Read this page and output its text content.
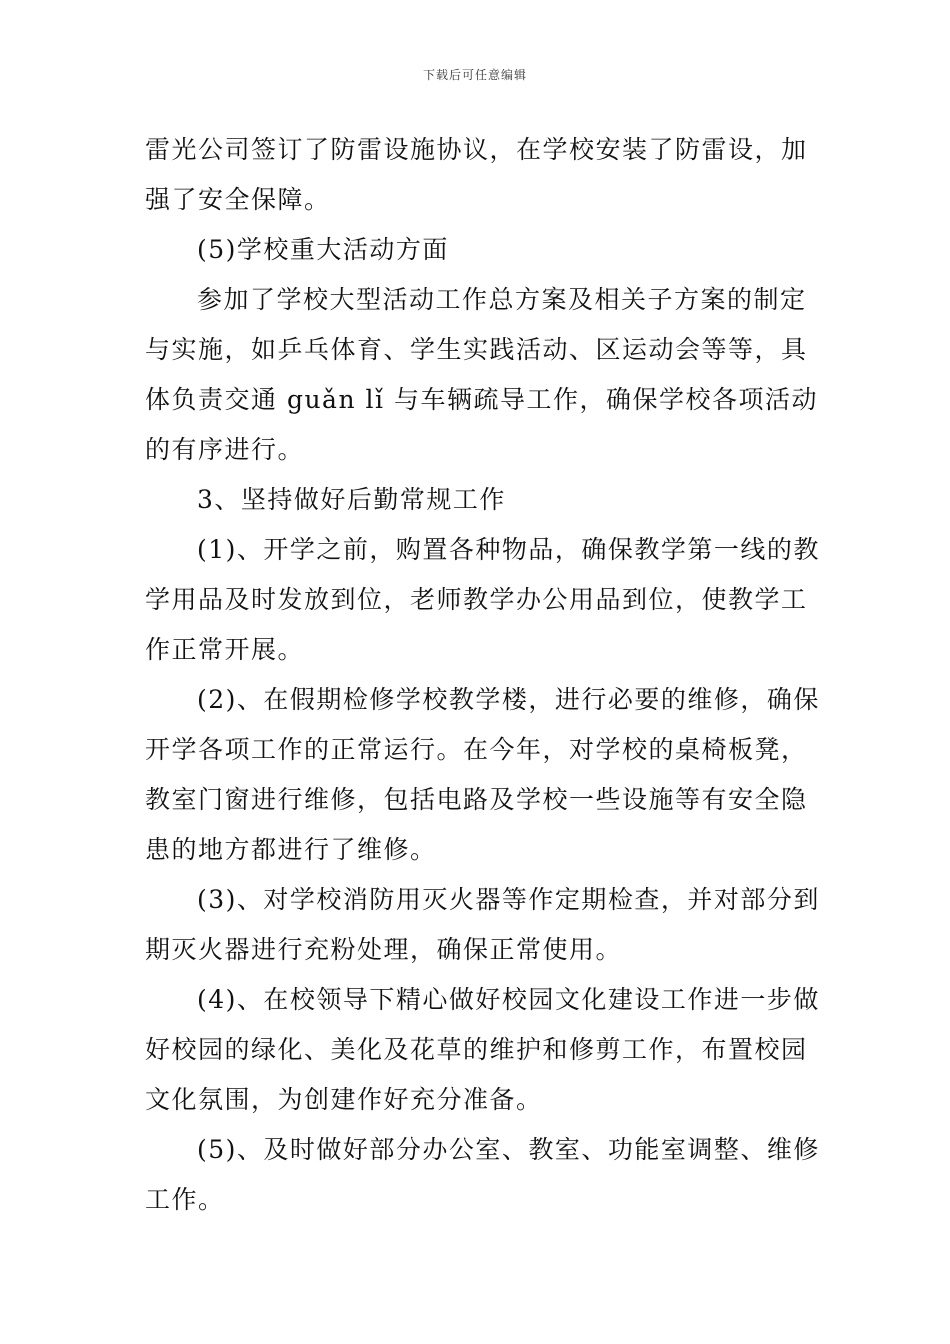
下载后可任意编辑
雷光公司签订了防雷设施协议，在学校安装了防雷设，加
强了安全保障。
(5)学校重大活动方面
参加了学校大型活动工作总方案及相关子方案的制定
与实施，如乒乓体育、学生实践活动、区运动会等等，具
体负责交通 guǎn lǐ 与车辆疏导工作，确保学校各项活动
的有序进行。
3、坚持做好后勤常规工作
(1)、开学之前，购置各种物品，确保教学第一线的教
学用品及时发放到位，老师教学办公用品到位，使教学工
作正常开展。
(2)、在假期检修学校教学楼，进行必要的维修，确保
开学各项工作的正常运行。在今年，对学校的桌椅板凳，
教室门窗进行维修，包括电路及学校一些设施等有安全隐
患的地方都进行了维修。
(3)、对学校消防用灭火器等作定期检查，并对部分到
期灭火器进行充粉处理，确保正常使用。
(4)、在校领导下精心做好校园文化建设工作进一步做
好校园的绿化、美化及花草的维护和修剪工作，布置校园
文化氛围，为创建作好充分准备。
(5)、及时做好部分办公室、教室、功能室调整、维修
工作。
